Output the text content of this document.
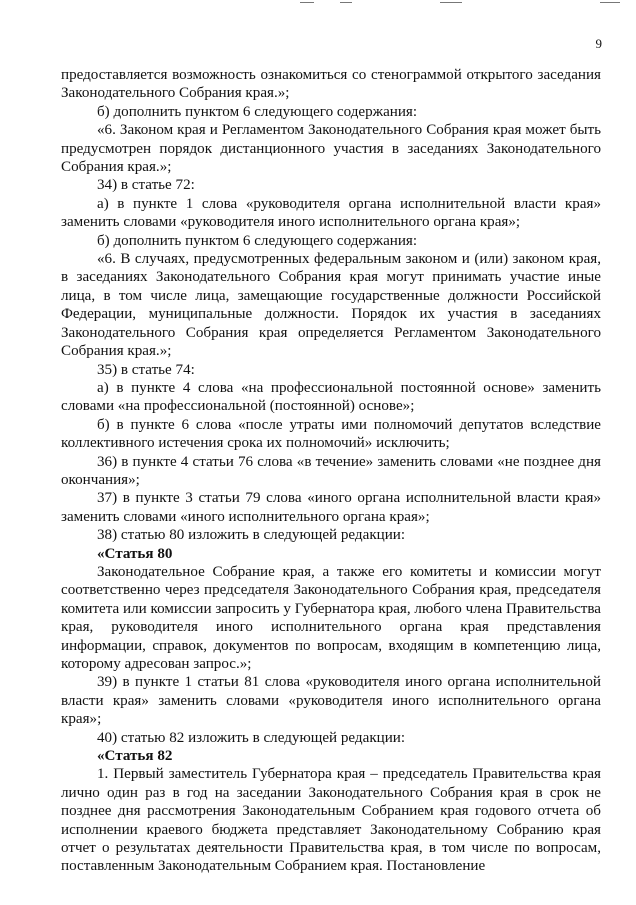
9

предоставляется возможность ознакомиться со стенограммой открытого заседания Законодательного Собрания края.»;

б) дополнить пунктом 6 следующего содержания:

«6. Законом края и Регламентом Законодательного Собрания края может быть предусмотрен порядок дистанционного участия в заседаниях Законодательного Собрания края.»;

34) в статье 72:

а) в пункте 1 слова «руководителя органа исполнительной власти края» заменить словами «руководителя иного исполнительного органа края»;

б) дополнить пунктом 6 следующего содержания:

«6. В случаях, предусмотренных федеральным законом и (или) законом края, в заседаниях Законодательного Собрания края могут принимать участие иные лица, в том числе лица, замещающие государственные должности Российской Федерации, муниципальные должности. Порядок их участия в заседаниях Законодательного Собрания края определяется Регламентом Законодательного Собрания края.»;

35) в статье 74:

а) в пункте 4 слова «на профессиональной постоянной основе» заменить словами «на профессиональной (постоянной) основе»;

б) в пункте 6 слова «после утраты ими полномочий депутатов вследствие коллективного истечения срока их полномочий» исключить;

36) в пункте 4 статьи 76 слова «в течение» заменить словами «не позднее дня окончания»;

37) в пункте 3 статьи 79 слова «иного органа исполнительной власти края» заменить словами «иного исполнительного органа края»;

38) статью 80 изложить в следующей редакции:

«Статья 80

Законодательное Собрание края, а также его комитеты и комиссии могут соответственно через председателя Законодательного Собрания края, председателя комитета или комиссии запросить у Губернатора края, любого члена Правительства края, руководителя иного исполнительного органа края представления информации, справок, документов по вопросам, входящим в компетенцию лица, которому адресован запрос.»;

39) в пункте 1 статьи 81 слова «руководителя иного органа исполнительной власти края» заменить словами «руководителя иного исполнительного органа края»;

40) статью 82 изложить в следующей редакции:

«Статья 82

1. Первый заместитель Губернатора края – председатель Правительства края лично один раз в год на заседании Законодательного Собрания края в срок не позднее дня рассмотрения Законодательным Собранием края годового отчета об исполнении краевого бюджета представляет Законодательному Собранию края отчет о результатах деятельности Правительства края, в том числе по вопросам, поставленным Законодательным Собранием края. Постановление
